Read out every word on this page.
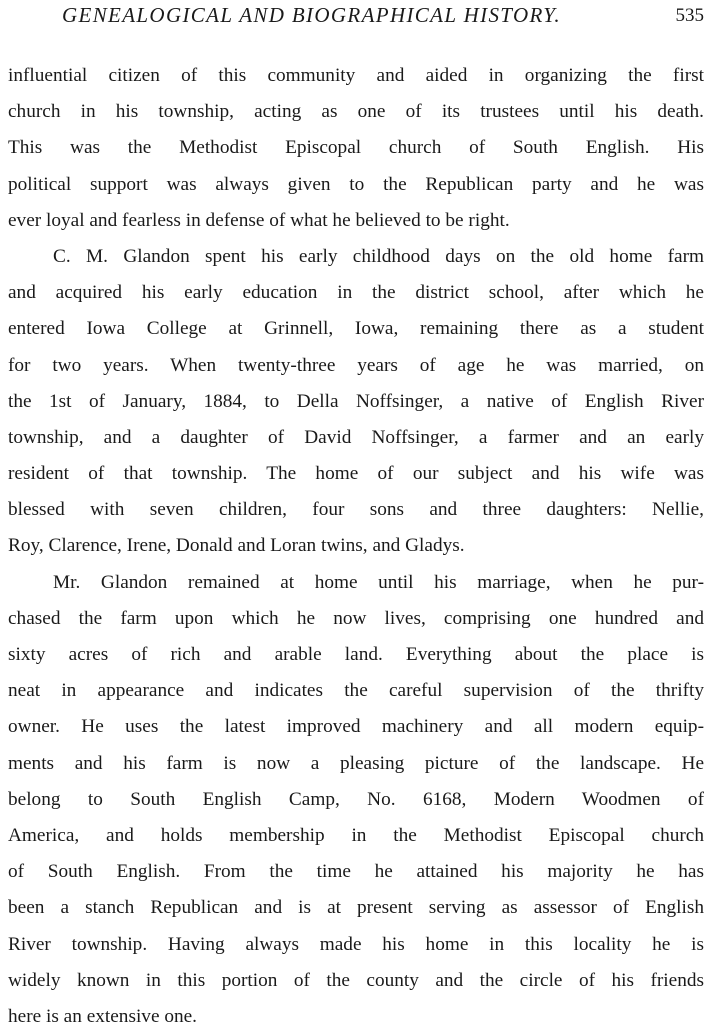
GENEALOGICAL AND BIOGRAPHICAL HISTORY.	535
influential citizen of this community and aided in organizing the first
church in his township, acting as one of its trustees until his death.
This was the Methodist Episcopal church of South English. His
political support was always given to the Republican party and he was
ever loyal and fearless in defense of what he believed to be right.
C. M. Glandon spent his early childhood days on the old home farm
and acquired his early education in the district school, after which he
entered Iowa College at Grinnell, Iowa, remaining there as a student
for two years. When twenty-three years of age he was married, on
the 1st of January, 1884, to Della Noffsinger, a native of English River
township, and a daughter of David Noffsinger, a farmer and an early
resident of that township. The home of our subject and his wife was
blessed with seven children, four sons and three daughters: Nellie,
Roy, Clarence, Irene, Donald and Loran twins, and Gladys.
Mr. Glandon remained at home until his marriage, when he pur-
chased the farm upon which he now lives, comprising one hundred and
sixty acres of rich and arable land. Everything about the place is
neat in appearance and indicates the careful supervision of the thrifty
owner. He uses the latest improved machinery and all modern equip-
ments and his farm is now a pleasing picture of the landscape. He
belong to South English Camp, No. 6168, Modern Woodmen of
America, and holds membership in the Methodist Episcopal church
of South English. From the time he attained his majority he has
been a stanch Republican and is at present serving as assessor of English
River township. Having always made his home in this locality he is
widely known in this portion of the county and the circle of his friends
here is an extensive one.
